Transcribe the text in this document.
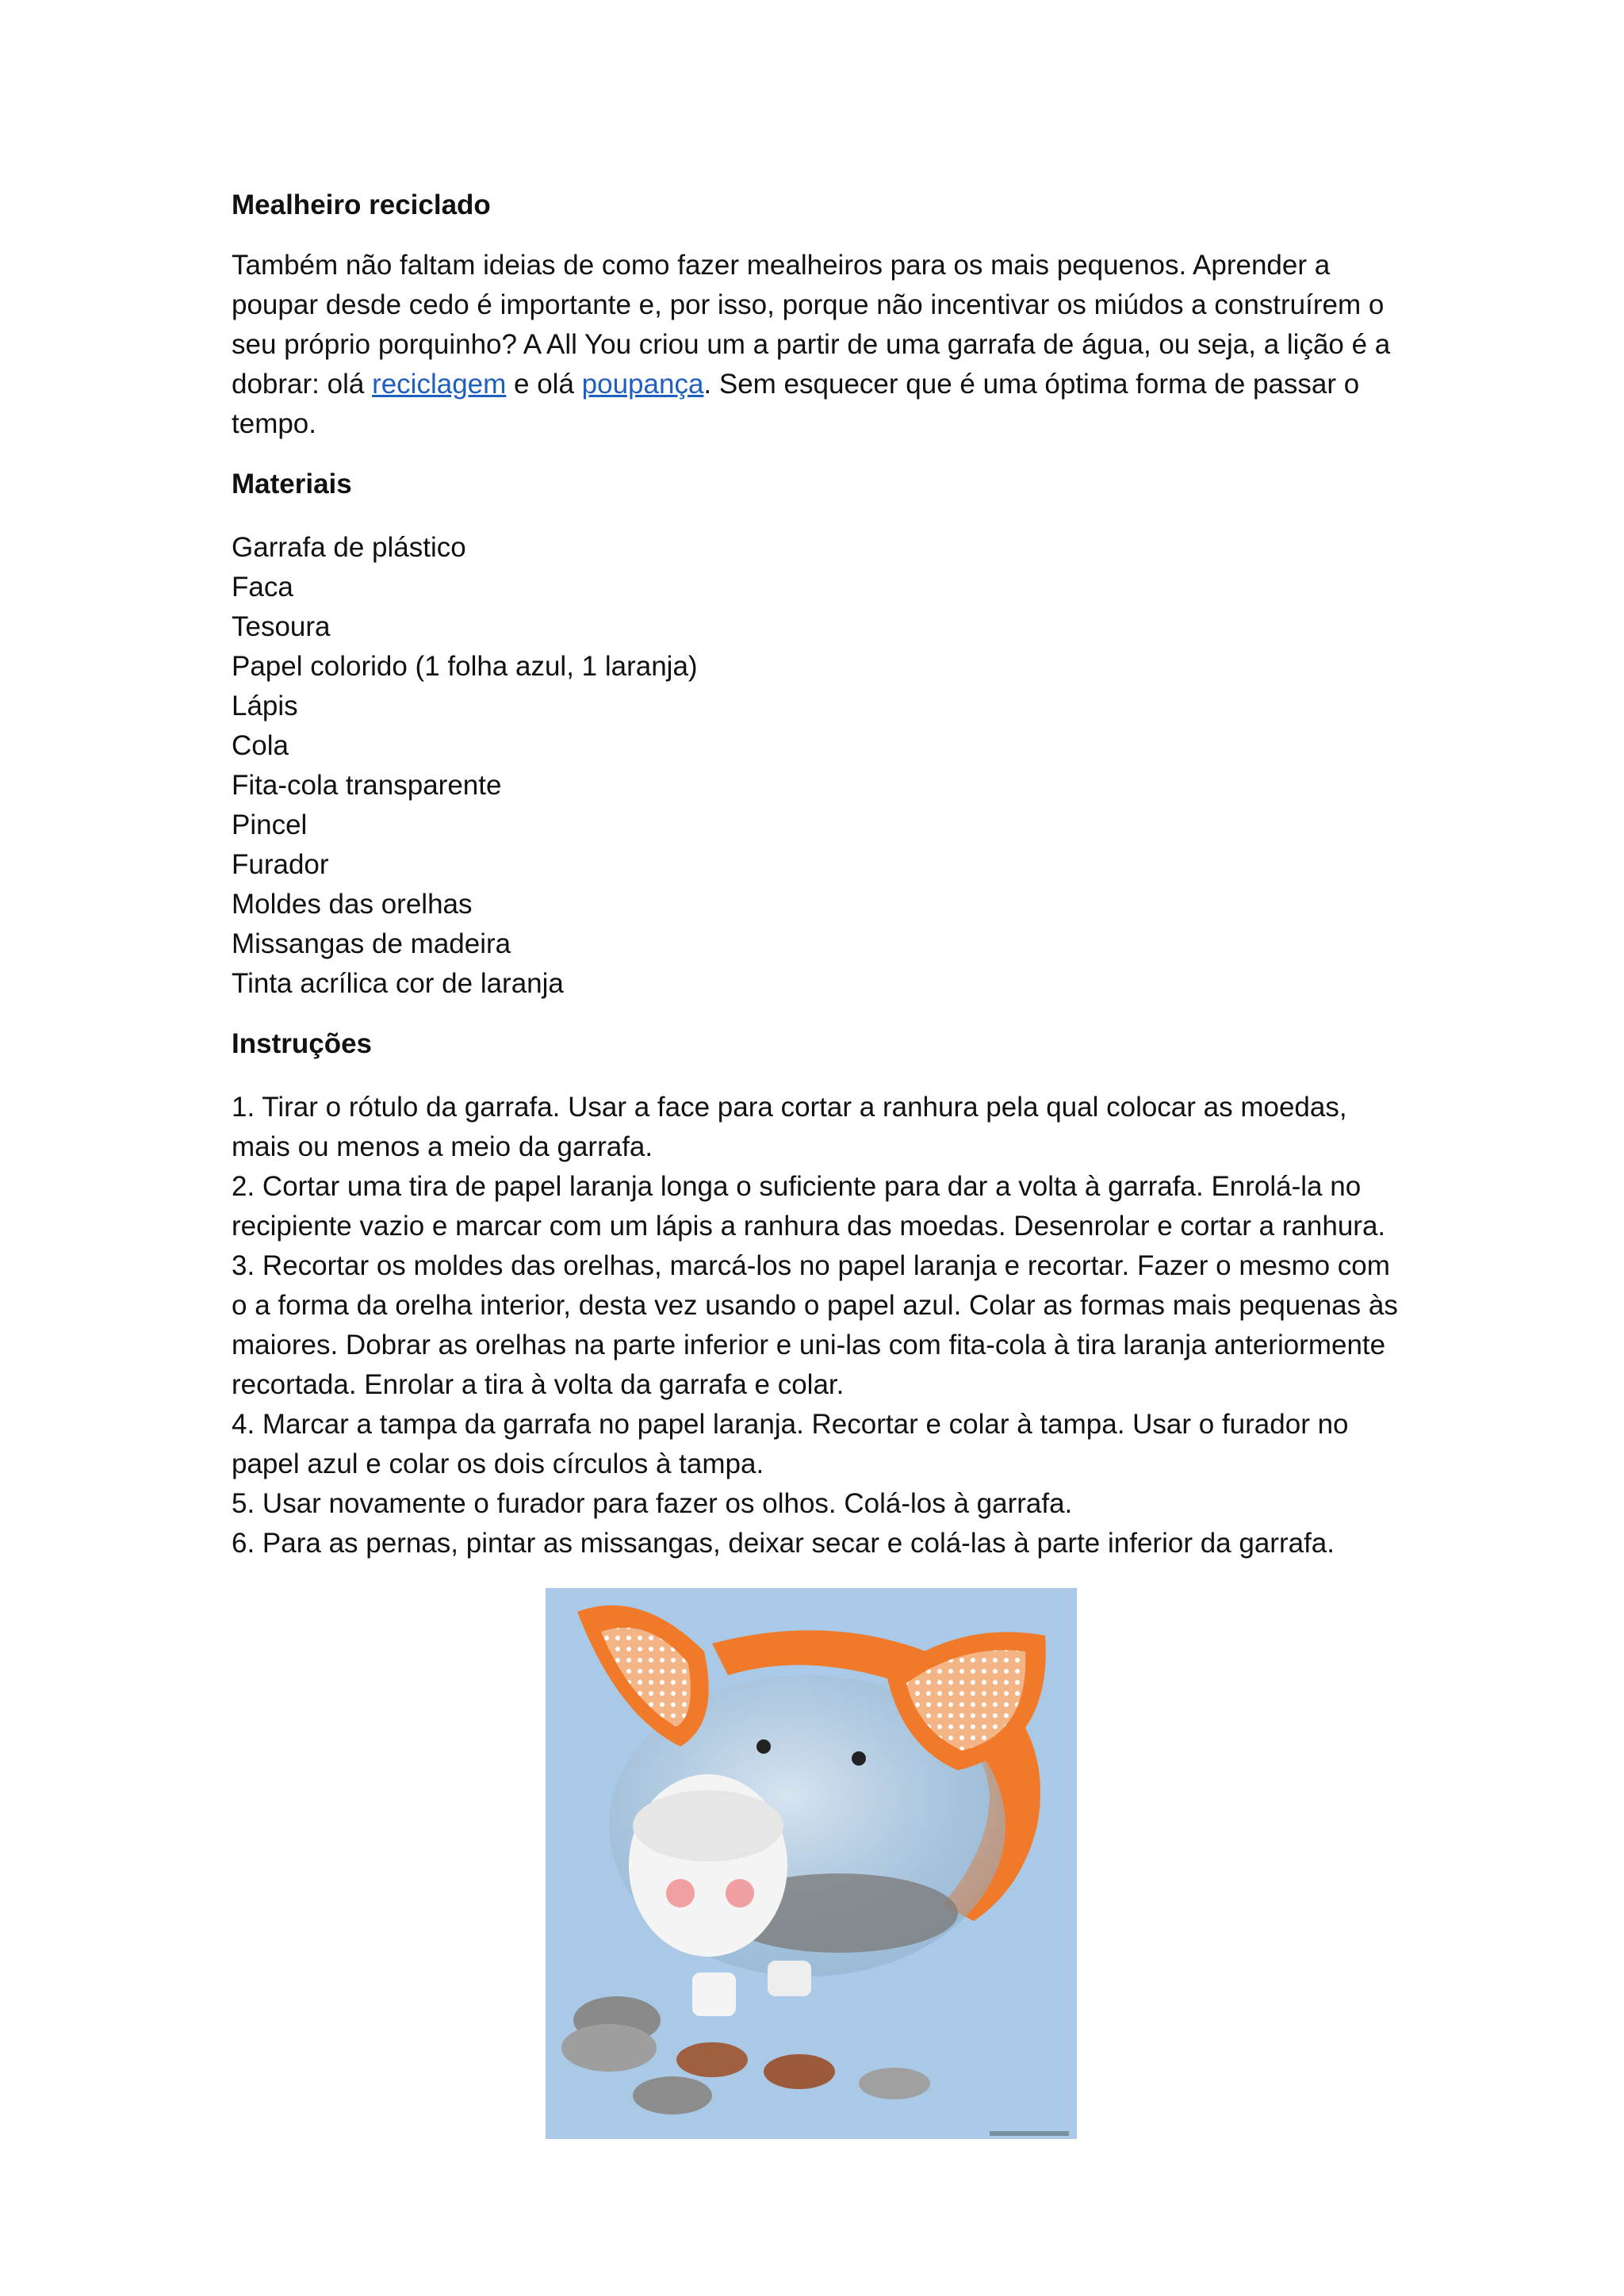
Mealheiro reciclado

Também não faltam ideias de como fazer mealheiros para os mais pequenos. Aprender a poupar desde cedo é importante e, por isso, porque não incentivar os miúdos a construírem o seu próprio porquinho? A All You criou um a partir de uma garrafa de água, ou seja, a lição é a dobrar: olá reciclagem e olá poupança. Sem esquecer que é uma óptima forma de passar o tempo.

Materiais

Garrafa de plástico
Faca
Tesoura
Papel colorido (1 folha azul, 1 laranja)
Lápis
Cola
Fita-cola transparente
Pincel
Furador
Moldes das orelhas
Missangas de madeira
Tinta acrílica cor de laranja

Instruções

1. Tirar o rótulo da garrafa. Usar a face para cortar a ranhura pela qual colocar as moedas, mais ou menos a meio da garrafa.

2. Cortar uma tira de papel laranja longa o suficiente para dar a volta à garrafa. Enrolá-la no recipiente vazio e marcar com um lápis a ranhura das moedas. Desenrolar e cortar a ranhura.

3. Recortar os moldes das orelhas, marcá-los no papel laranja e recortar. Fazer o mesmo com o a forma da orelha interior, desta vez usando o papel azul. Colar as formas mais pequenas às maiores. Dobrar as orelhas na parte inferior e uni-las com fita-cola à tira laranja anteriormente recortada. Enrolar a tira à volta da garrafa e colar.

4. Marcar a tampa da garrafa no papel laranja. Recortar e colar à tampa. Usar o furador no papel azul e colar os dois círculos à tampa.

5. Usar novamente o furador para fazer os olhos. Colá-los à garrafa.

6. Para as pernas, pintar as missangas, deixar secar e colá-las à parte inferior da garrafa.
